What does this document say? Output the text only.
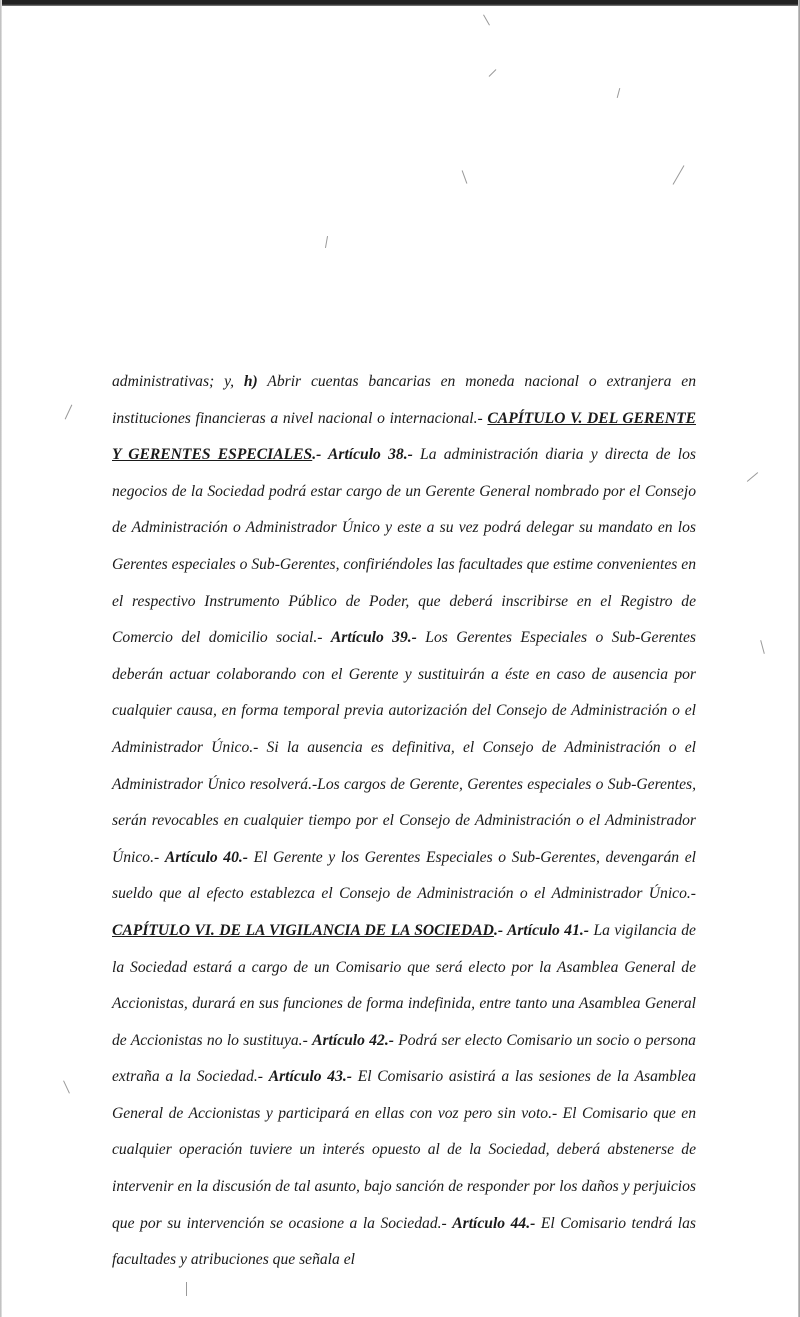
administrativas; y, h) Abrir cuentas bancarias en moneda nacional o extranjera en instituciones financieras a nivel nacional o internacional.- CAPÍTULO V. DEL GERENTE Y GERENTES ESPECIALES.- Artículo 38.- La administración diaria y directa de los negocios de la Sociedad podrá estar cargo de un Gerente General nombrado por el Consejo de Administración o Administrador Único y este a su vez podrá delegar su mandato en los Gerentes especiales o Sub-Gerentes, confiriéndoles las facultades que estime convenientes en el respectivo Instrumento Público de Poder, que deberá inscribirse en el Registro de Comercio del domicilio social.- Artículo 39.- Los Gerentes Especiales o Sub-Gerentes deberán actuar colaborando con el Gerente y sustituirán a éste en caso de ausencia por cualquier causa, en forma temporal previa autorización del Consejo de Administración o el Administrador Único.- Si la ausencia es definitiva, el Consejo de Administración o el Administrador Único resolverá.-Los cargos de Gerente, Gerentes especiales o Sub-Gerentes, serán revocables en cualquier tiempo por el Consejo de Administración o el Administrador Único.- Artículo 40.- El Gerente y los Gerentes Especiales o Sub-Gerentes, devengarán el sueldo que al efecto establezca el Consejo de Administración o el Administrador Único.- CAPÍTULO VI. DE LA VIGILANCIA DE LA SOCIEDAD.- Artículo 41.- La vigilancia de la Sociedad estará a cargo de un Comisario que será electo por la Asamblea General de Accionistas, durará en sus funciones de forma indefinida, entre tanto una Asamblea General de Accionistas no lo sustituya.- Artículo 42.- Podrá ser electo Comisario un socio o persona extraña a la Sociedad.- Artículo 43.- El Comisario asistirá a las sesiones de la Asamblea General de Accionistas y participará en ellas con voz pero sin voto.- El Comisario que en cualquier operación tuviere un interés opuesto al de la Sociedad, deberá abstenerse de intervenir en la discusión de tal asunto, bajo sanción de responder por los daños y perjuicios que por su intervención se ocasione a la Sociedad.- Artículo 44.- El Comisario tendrá las facultades y atribuciones que señala el
